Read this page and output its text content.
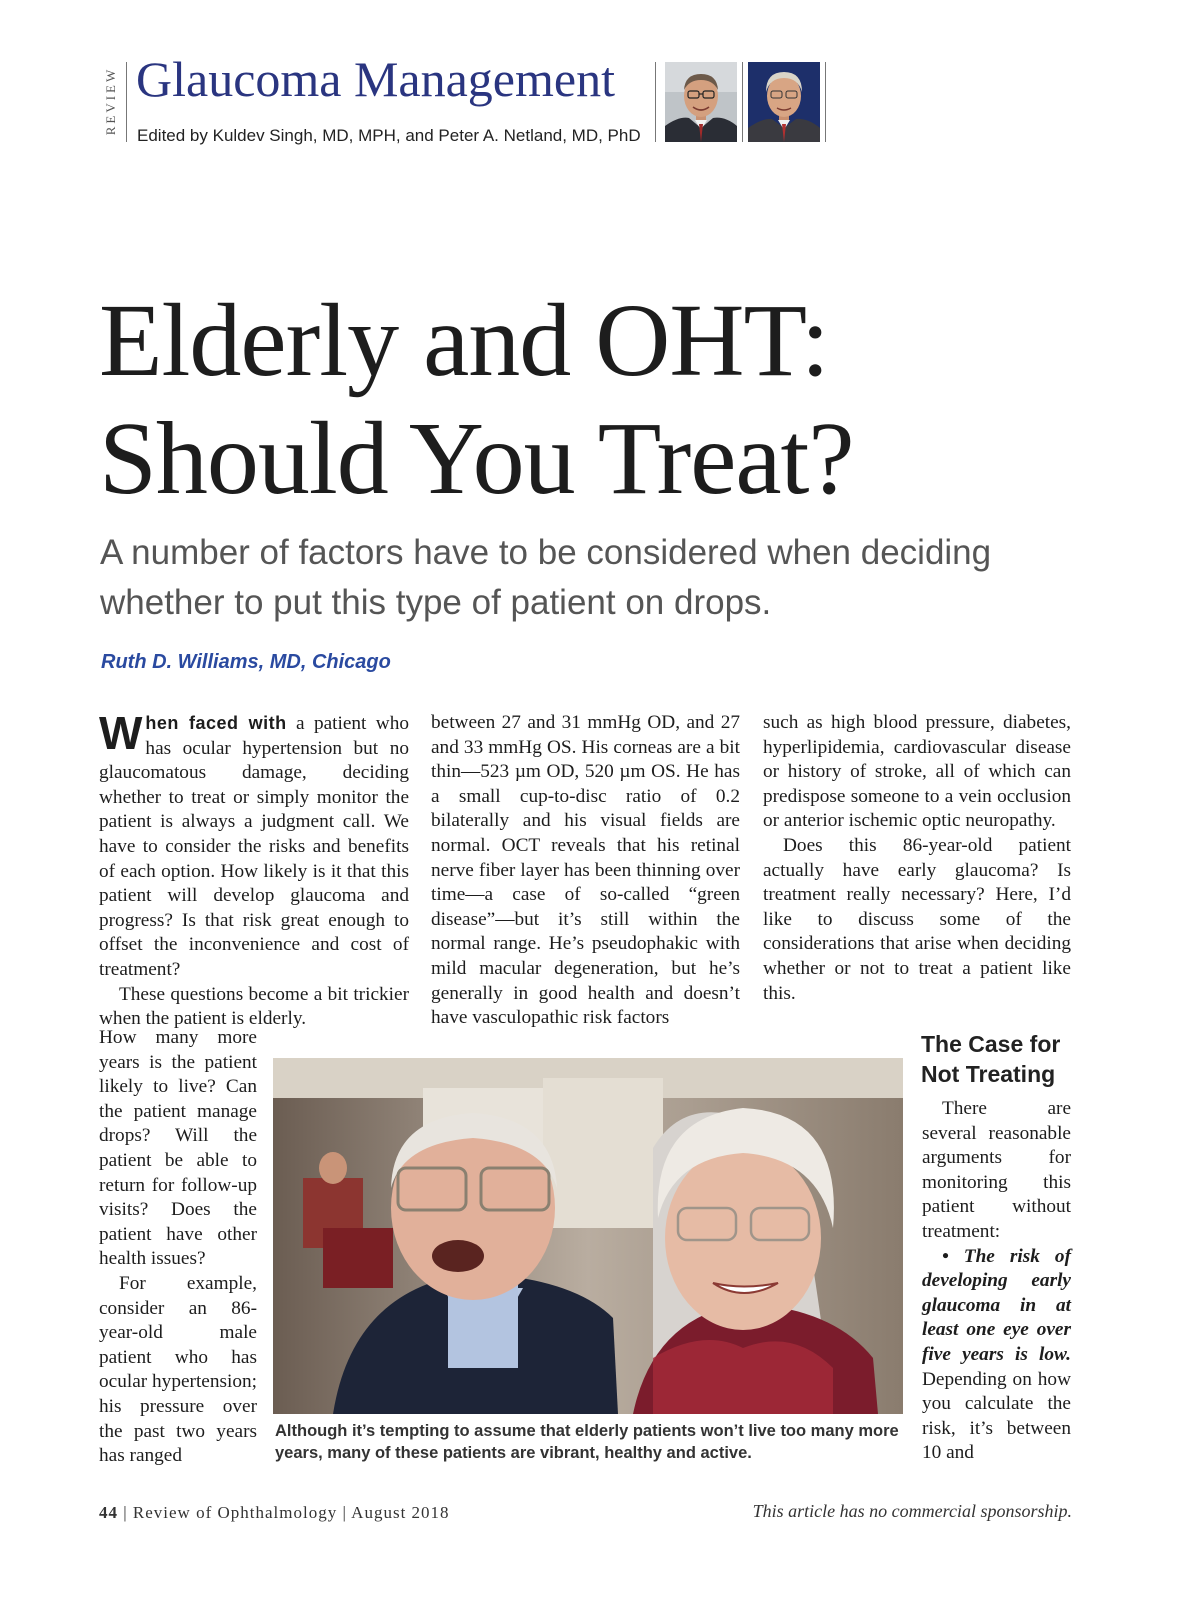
REVIEW Glaucoma Management
Edited by Kuldev Singh, MD, MPH, and Peter A. Netland, MD, PhD
Elderly and OHT:
Should You Treat?
A number of factors have to be considered when deciding
whether to put this type of patient on drops.
Ruth D. Williams, MD, Chicago

W hen faced with a patient who has ocular hypertension but no glaucomatous damage, deciding whether to treat or simply monitor the patient is always a judgment call. We have to consider the risks and benefits of each option. How likely is it that this patient will develop glaucoma and progress? Is that risk great enough to offset the inconvenience and cost of treatment?

These questions become a bit trickier when the patient is elderly.

How many more years is the patient likely to live? Can the patient manage drops? Will the patient be able to return for follow-up visits? Does the patient have other health issues?

For example, consider an 86-year-old male patient who has ocular hypertension; his pressure over the past two years has ranged

between 27 and 31 mmHg OD, and 27 and 33 mmHg OS. His corneas are a bit thin—523 µm OD, 520 µm OS. He has a small cup-to-disc ratio of 0.2 bilaterally and his visual fields are normal. OCT reveals that his retinal nerve fiber layer has been thinning over time—a case of so-called “green disease”—but it’s still within the normal range. He’s pseudophakic with mild macular degeneration, but he’s generally in good health and doesn’t have vasculopathic risk factors

such as high blood pressure, diabetes, hyperlipidemia, cardiovascular disease or history of stroke, all of which can predispose someone to a vein occlusion or anterior ischemic optic neuropathy.

Does this 86-year-old patient actually have early glaucoma? Is treatment really necessary? Here, I’d like to discuss some of the considerations that arise when deciding whether or not to treat a patient like this.

The Case for Not Treating

There are several reasonable arguments for monitoring this patient without treatment:

• The risk of developing early glaucoma in at least one eye over five years is low. Depending on how you calculate the risk, it’s between 10 and

Although it’s tempting to assume that elderly patients won’t live too many more years, many of these patients are vibrant, healthy and active.
44 | Review of Ophthalmology | August 2018	This article has no commercial sponsorship.
